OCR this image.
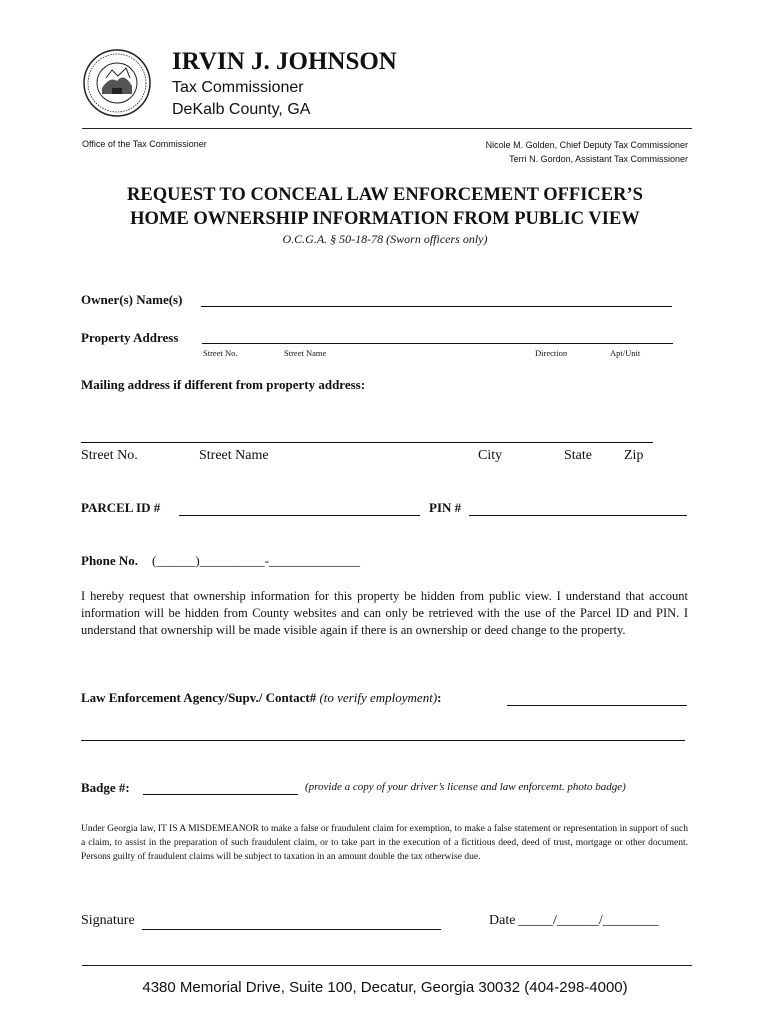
IRVIN J. JOHNSON
Tax Commissioner
DeKalb County, GA
Office of the Tax Commissioner	Nicole M. Golden, Chief Deputy Tax Commissioner
Terri N. Gordon, Assistant Tax Commissioner
REQUEST TO CONCEAL LAW ENFORCEMENT OFFICER’S
HOME OWNERSHIP INFORMATION FROM PUBLIC VIEW
O.C.G.A. § 50-18-78 (Sworn officers only)
Owner(s) Name(s)
Property Address
Street No.	Street Name	Direction	Apt/Unit
Mailing address if different from property address:
Street No.	Street Name	City	State Zip
PARCEL ID #	PIN #
Phone No. (______)__________-______________
I hereby request that ownership information for this property be hidden from public view. I understand that account information will be hidden from County websites and can only be retrieved with the use of the Parcel ID and PIN. I understand that ownership will be made visible again if there is an ownership or deed change to the property.
Law Enforcement Agency/Supv./ Contact# (to verify employment):
Badge #:	(provide a copy of your driver’s license and law enforcemt. photo badge)
Under Georgia law, IT IS A MISDEMEANOR to make a false or fraudulent claim for exemption, to make a false statement or representation in support of such a claim, to assist in the preparation of such fraudulent claim, or to take part in the execution of a fictitious deed, deed of trust, mortgage or other document. Persons guilty of fraudulent claims will be subject to taxation in an amount double the tax otherwise due.
Signature	Date _____/______/________
4380 Memorial Drive, Suite 100, Decatur, Georgia 30032 (404-298-4000)
